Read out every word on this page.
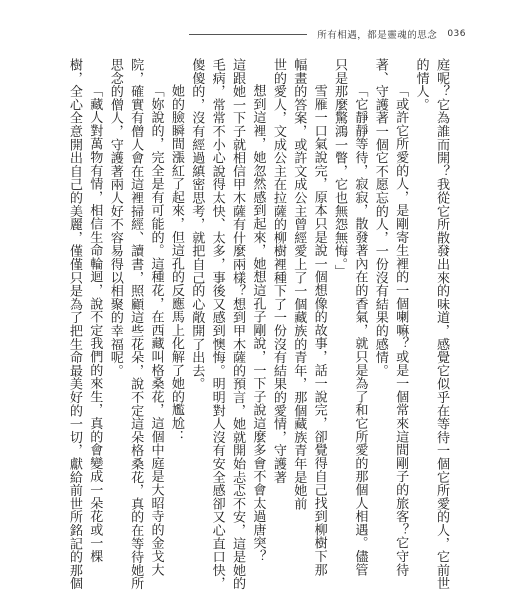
所有相遇，都是靈魂的思念 036
庭呢？它為誰而開？我從它所散發出來的味道，感覺它似乎在等待一個它所愛的人，它前世
的情人。
「或許它所愛的人，是剛寄生裡的一個喇嘛？或是一個常來這間剛子的旅客？它守待
著、守護著一個它不愿忘的人，一份沒有結果的感情。
「它靜靜等待，寂寂，散發著內在的香氣，就只是為了和它所愛的那個人相遇。儘管
只是那麼驚鴻一瞥，它也無怨無悔。」
雪雁一口氣說完，原本只是說一個想像的故事，話一說完，卻覺得自己找到柳樹下那
幅畫的答案，或許文成公主曾經愛上了一個藏族的青年，那個藏族青年是她前
世的愛人，文成公主在拉薩的柳樹裡種下了一份沒有結果的愛情，守護著
想到這裡，她忽然感到起來，她想這孔子剛說，一下子說這麼多會不會太過唐突？
這跟她一下子就相信甲木薩有什麼兩樣？想到甲木薩的預言，她就開始忐忑不安，這是她的
毛病，常常不小心說得太快、太多，事後又感到懊悔。明明對人沒有安全感卻又心直口快，
傻傻的，沒有經過縝密思考，就把自己的心敞開了出去。
她的臉瞬間漲紅了起來，但這孔的反應馬上化解了她的尷尬：
「妳說的，完全是有可能的。這種花，在西藏叫格桑花，這個中庭是大昭寺的金戈大
院，確實有僧人會在這裡掃經、讀書，照顧這些花朵，說不定這朵格桑花，真的在等待她所
思念的僧人，守護著兩人好不容易得以相聚的幸福呢。
「藏人對萬物有情，相信生命輪迴，說不定我們的來生，真的會變成一朵花或一棵
樹，全心全意開出自己的美麗，僅僅只是為了把生命最美好的一切，獻給前世所銘記的那個
